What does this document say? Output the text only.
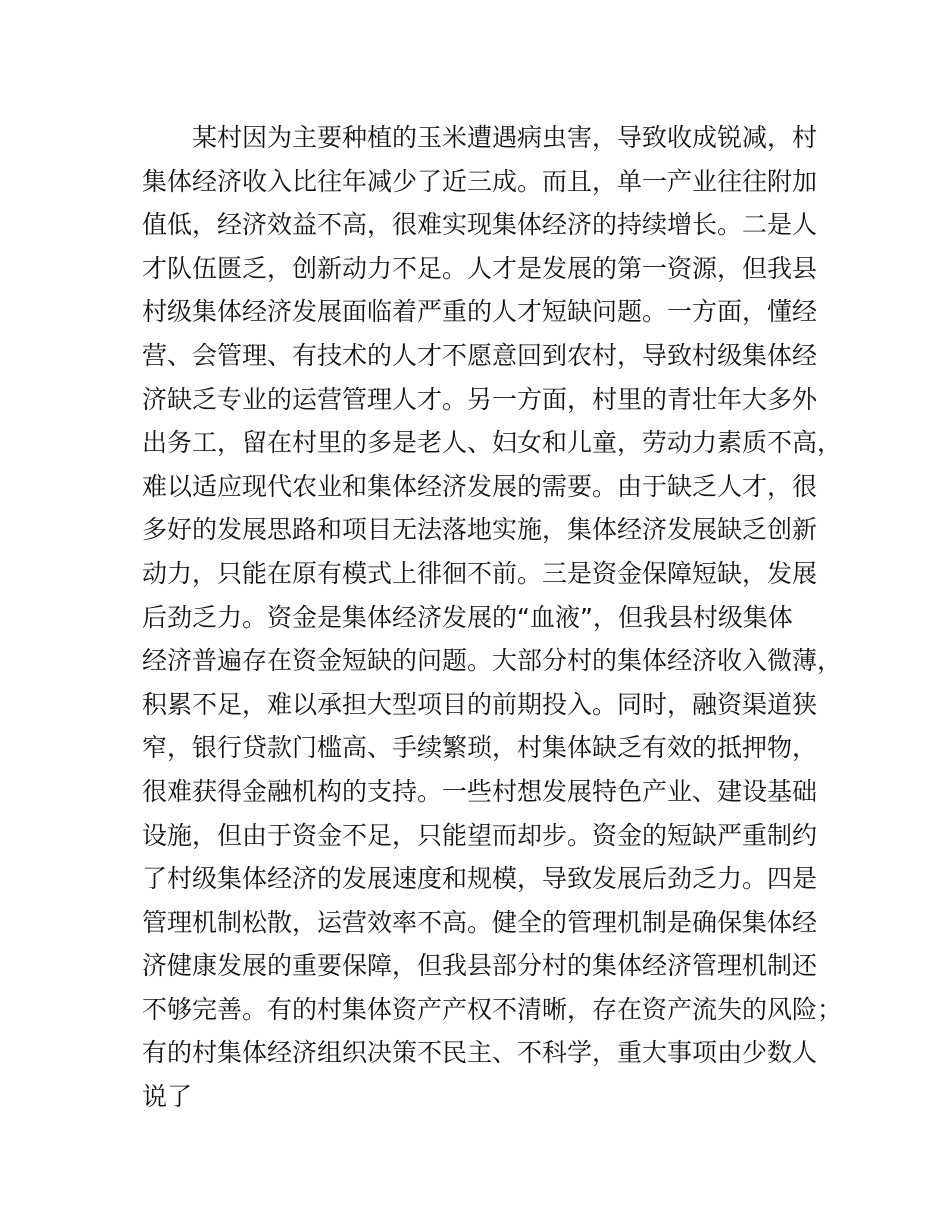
某村因为主要种植的玉米遭遇病虫害，导致收成锐减，村
集体经济收入比往年减少了近三成。而且，单一产业往往附加
值低，经济效益不高，很难实现集体经济的持续增长。二是人
才队伍匮乏，创新动力不足。人才是发展的第一资源，但我县
村级集体经济发展面临着严重的人才短缺问题。一方面，懂经
营、会管理、有技术的人才不愿意回到农村，导致村级集体经
济缺乏专业的运营管理人才。另一方面，村里的青壮年大多外
出务工，留在村里的多是老人、妇女和儿童，劳动力素质不高，
难以适应现代农业和集体经济发展的需要。由于缺乏人才，很
多好的发展思路和项目无法落地实施，集体经济发展缺乏创新
动力，只能在原有模式上徘徊不前。三是资金保障短缺，发展
后劲乏力。资金是集体经济发展的“血液”，但我县村级集体
经济普遍存在资金短缺的问题。大部分村的集体经济收入微薄，
积累不足，难以承担大型项目的前期投入。同时，融资渠道狭
窄，银行贷款门槛高、手续繁琐，村集体缺乏有效的抵押物，
很难获得金融机构的支持。一些村想发展特色产业、建设基础
设施，但由于资金不足，只能望而却步。资金的短缺严重制约
了村级集体经济的发展速度和规模，导致发展后劲乏力。四是
管理机制松散，运营效率不高。健全的管理机制是确保集体经
济健康发展的重要保障，但我县部分村的集体经济管理机制还
不够完善。有的村集体资产产权不清晰，存在资产流失的风险；
有的村集体经济组织决策不民主、不科学，重大事项由少数人
说了
